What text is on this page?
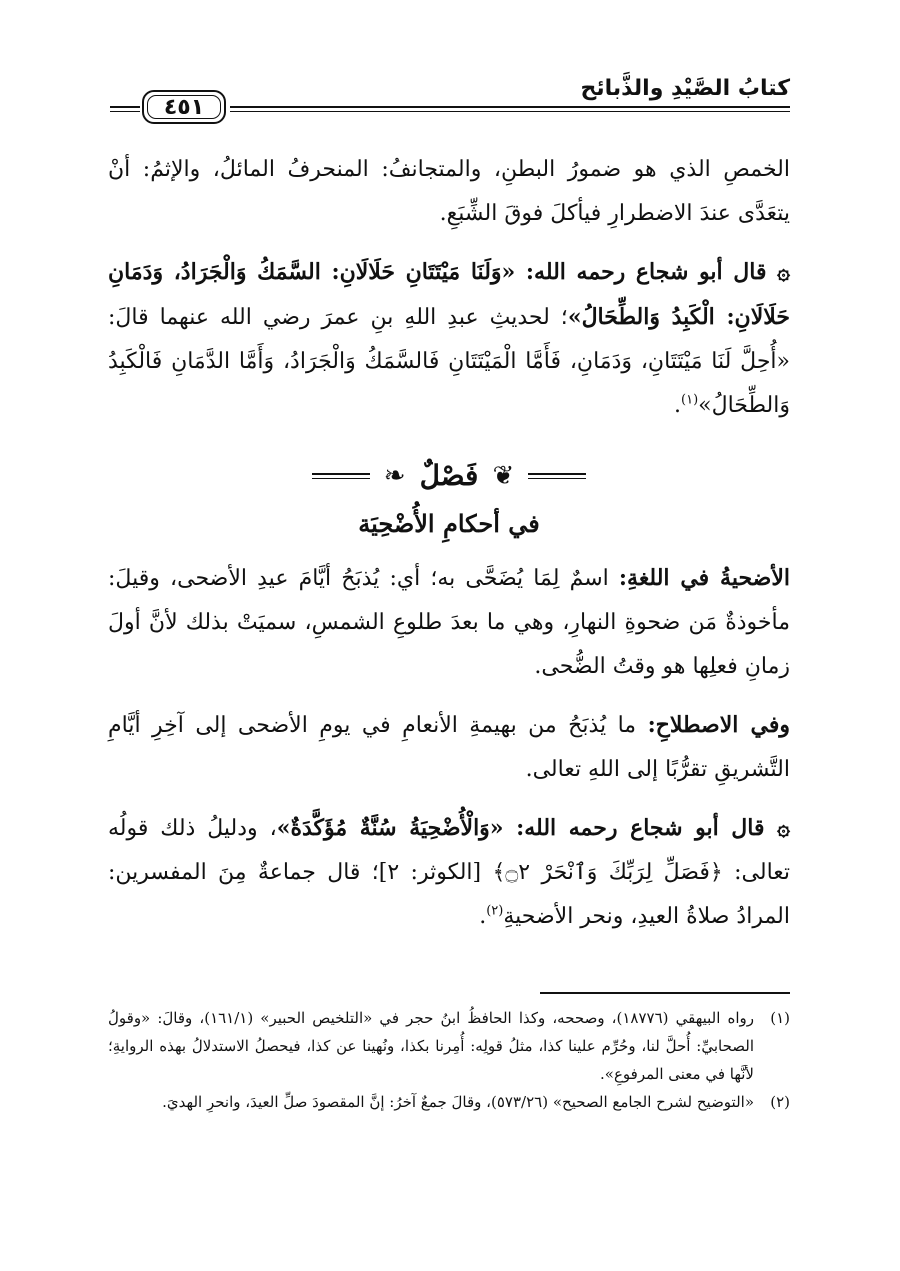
كتابُ الصَّيْدِ والذَّبائح
٤٥١

الخمصِ الذي هو ضمورُ البطنِ، والمتجانفُ: المنحرفُ المائلُ، والإثمُ: أنْ يتعَدَّى عندَ الاضطرارِ فيأكلَ فوقَ الشِّبَعِ.

۞ قال أبو شجاع رحمه الله: «وَلَنَا مَيْتَتَانِ حَلَالَانِ: السَّمَكُ وَالْجَرَادُ، وَدَمَانِ حَلَالَانِ: الْكَبِدُ وَالطِّحَالُ»؛ لحديثِ عبدِ اللهِ بنِ عمرَ رضي الله عنهما قالَ: «أُحِلَّ لَنَا مَيْتَتَانِ، وَدَمَانِ، فَأَمَّا الْمَيْتَتَانِ فَالسَّمَكُ وَالْجَرَادُ، وَأَمَّا الدَّمَانِ فَالْكَبِدُ وَالطِّحَالُ»$^{(١)}$.

❦
فَصْلٌ
❧
في أحكامِ الأُضْحِيَة

الأضحيةُ في اللغةِ: اسمٌ لِمَا يُضَحَّى به؛ أي: يُذبَحُ أيَّامَ عيدِ الأضحى، وقيلَ: مأخوذةٌ مَن ضحوةِ النهارِ، وهي ما بعدَ طلوعِ الشمسِ، سميَتْ بذلك لأنَّ أولَ زمانِ فعلِها هو وقتُ الضُّحى.

وفي الاصطلاحِ: ما يُذبَحُ من بهيمةِ الأنعامِ في يومِ الأضحى إلى آخِرِ أيَّامِ التَّشريقِ تقرُّبًا إلى اللهِ تعالى.

۞ قال أبو شجاع رحمه الله: «وَالْأُضْحِيَةُ سُنَّةٌ مُؤَكَّدَةٌ»، ودليلُ ذلك قولُه تعالى: ﴿فَصَلِّ لِرَبِّكَ وَٱنْحَرْ ۝٢﴾ [الكوثر: ٢]؛ قال جماعةٌ مِنَ المفسرين: المرادُ صلاةُ العيدِ، ونحر الأضحيةِ$^{(٢)}$.

(١)
رواه البيهقي (١٨٧٧٦)، وصححه، وكذا الحافظُ ابنُ حجر في «التلخيص الحبير» (١٦١/١)، وقالَ: «وقولُ الصحابيِّ: أُحلَّ لنا، وحُرِّم علينا كذا، مثلُ قولِه: أُمِرنا بكذا، ونُهينا عن كذا، فيحصلُ الاستدلالُ بهذه الروايةِ؛ لأنَّها في معنى المرفوعِ».
(٢)
«التوضيح لشرح الجامع الصحيح» (٥٧٣/٢٦)، وقالَ جمعٌ آخرُ: إنَّ المقصودَ صلِّ العيدَ، وانحرِ الهديَ.
